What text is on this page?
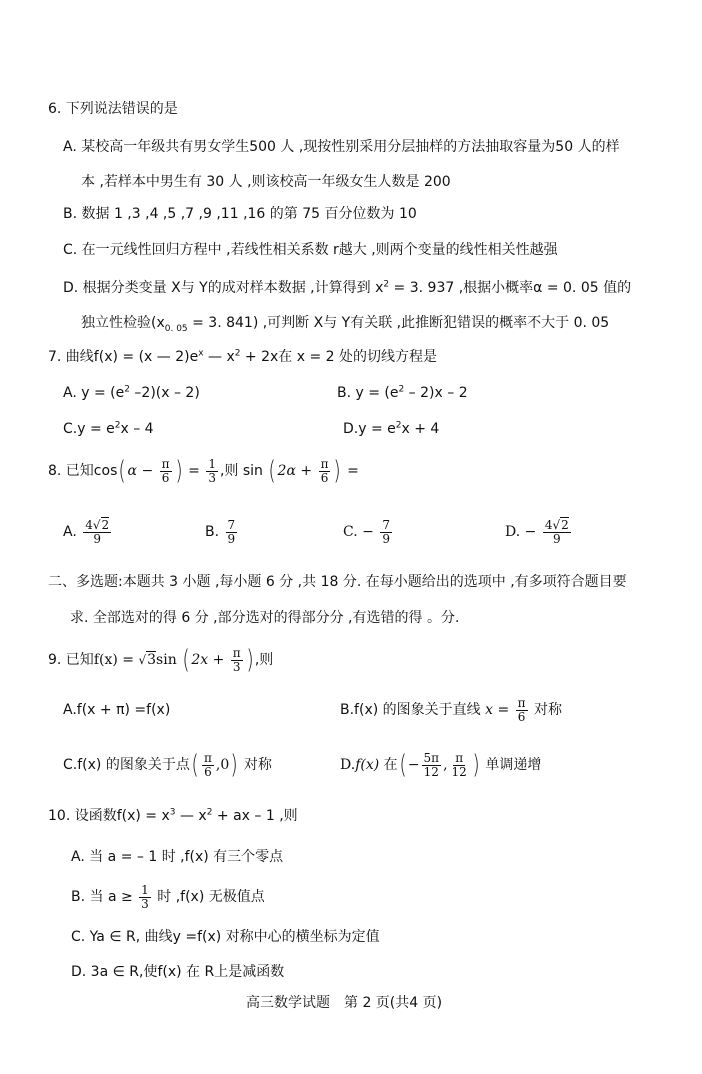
6. 下列说法错误的是
A. 某校高一年级共有男女学生500 人 ,现按性别采用分层抽样的方法抽取容量为50 人的样
本 ,若样本中男生有 30 人 ,则该校高一年级女生人数是 200
B. 数据 1 ,3 ,4 ,5 ,7 ,9 ,11 ,16 的第 75 百分位数为 10
C. 在一元线性回归方程中 ,若线性相关系数 r越大 ,则两个变量的线性相关性越强
D. 根据分类变量 X与 Y的成对样本数据 ,计算得到 $x^2 = 3$. 937 ,根据小概率α = 0. 05 值的
独立性检验($x_{0. 05} = 3$. 841) ,可判断 X与 Y有关联 ,此推断犯错误的概率不大于 0. 05
7. 曲线f(x) = (x — $2)e^x$ — $x^2 + 2x$在 x = 2 处的切线方程是
A. $y = (e^2$ –2)(x – 2)	B. $y = (e^2 - 2)x - 2$
$C.y = e^2x - 4$	$D.y = e^2x + 4$
8. 已知cos( $\alpha - \frac{\pi}{6}$ ) = $\frac{1}{3}$ ,则 sin ( $2\alpha + \frac{\pi}{6}$ ) =
A. $\frac{4√2}{9}$	B. $\frac{7}{9}$	C. − $\frac{7}{9}$	D. − $\frac{4√2}{9}$
二、多选题:本题共 3 小题 ,每小题 6 分 ,共 18 分. 在每小题给出的选项中 ,有多项符合题目要
求. 全部选对的得 6 分 ,部分选对的得部分分 ,有选错的得 。分.
9. 已知f(x) = √3sin ( $2x + \frac{\pi}{3}$ ) ,则
A.f(x + π) =f(x)	B.f(x) 的图象关于直线 $x = \frac{\pi}{6}$ 对称
C.f(x) 的图象关于点( $\frac{\pi}{6} ,0$) 对称	D.f(x) 在( − $\frac{5\pi}{12}$ , $\frac{\pi}{12}$ ) 单调递增
10. 设函数$f(x) = x^3$ — $x^2$ + ax – 1 ,则
A. 当 a = – 1 时 ,f(x) 有三个零点
B. 当 $a \ge \frac{1}{3}$ 时 ,f(x) 无极值点
C. Ya ∈ R, 曲线y =f(x) 对称中心的横坐标为定值
D. 3a ∈ R,使f(x) 在 R上是减函数
高三数学试题　第 2 页(共4 页)
